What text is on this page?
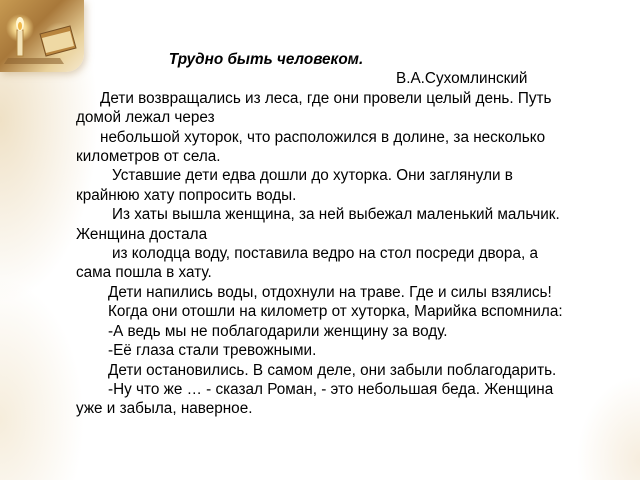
Трудно быть человеком.
В.А.Сухомлинский
Дети возвращались из леса, где они провели целый день. Путь
домой лежал через
небольшой хуторок, что расположился в долине, за несколько
километров от села.
Уставшие дети едва дошли до хуторка. Они заглянули в
крайнюю хату попросить воды.
Из хаты вышла женщина, за ней выбежал маленький мальчик.
Женщина достала
из колодца воду, поставила ведро на стол посреди двора, а
сама пошла в хату.
Дети напились воды, отдохнули на траве. Где и силы взялись!
Когда они отошли на километр от хуторка, Марийка вспомнила:
-А ведь мы не поблагодарили женщину за воду.
-Её глаза стали тревожными.
Дети остановились. В самом деле, они забыли поблагодарить.
-Ну что же … - сказал Роман, - это небольшая беда. Женщина
уже и забыла, наверное.
